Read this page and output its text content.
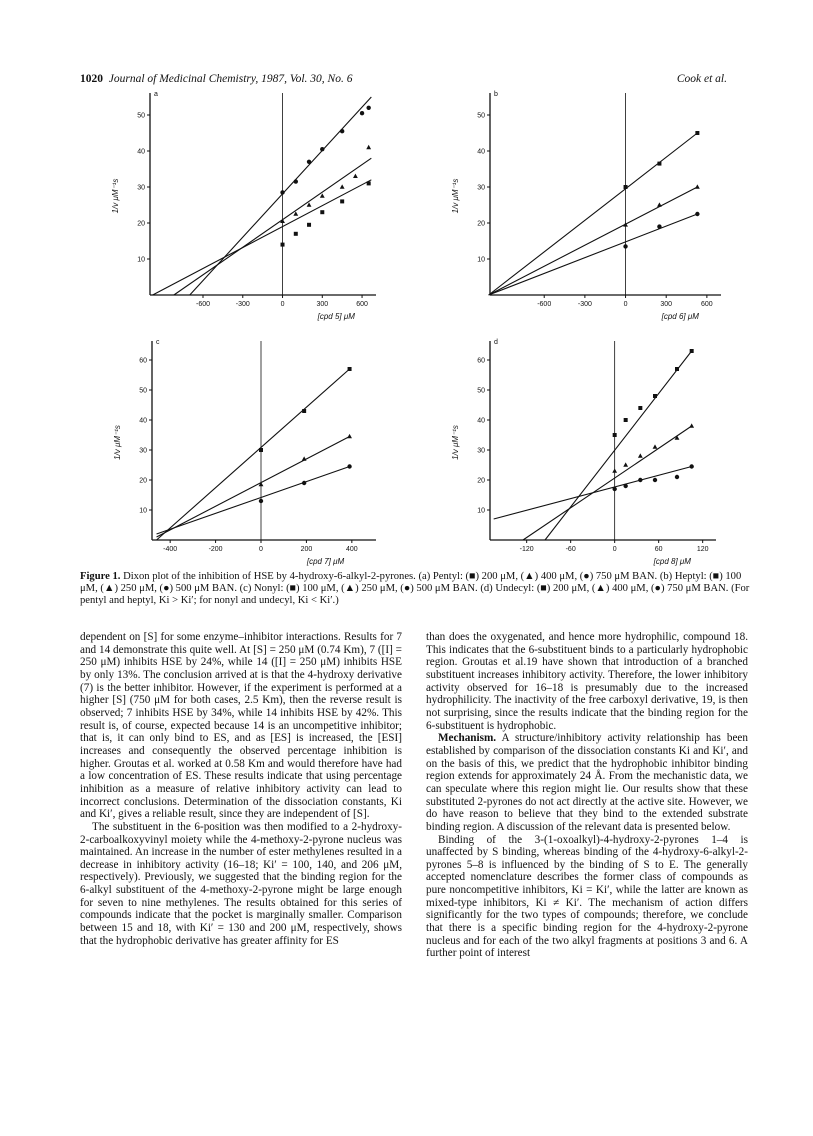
1020 Journal of Medicinal Chemistry, 1987, Vol. 30, No. 6	Cook et al.
a
10
20
30
40
50
-600	-300	0	300	600
1/v μM⁻¹s
[cpd 5] μM
b
10
20
30
40
50
-600	-300	0	300	600
1/v μM⁻¹s
[cpd 6] μM
c
10
20
30
40
50
60
-400	-200	0	200	400
1/v μM⁻¹s
[cpd 7] μM
d
10
20
30
40
50
60
-120	-60	0	60	120
1/v μM⁻¹s
[cpd 8] μM
Figure 1. Dixon plot of the inhibition of HSE by 4-hydroxy-6-alkyl-2-pyrones. (a) Pentyl: (■) 200 μM, (▲) 400 μM, (●) 750 μM BAN. (b) Heptyl: (■) 100 μM, (▲) 250 μM, (●) 500 μM BAN. (c) Nonyl: (■) 100 μM, (▲) 250 μM, (●) 500 μM BAN. (d) Undecyl: (■) 200 μM, (▲) 400 μM, (●) 750 μM BAN. (For pentyl and heptyl, Ki > Ki′; for nonyl and undecyl, Ki < Ki′.)

dependent on [S] for some enzyme–inhibitor interactions. Results for 7 and 14 demonstrate this quite well. At [S] = 250 μM (0.74 Km), 7 ([I] = 250 μM) inhibits HSE by 24%, while 14 ([I] = 250 μM) inhibits HSE by only 13%. The conclusion arrived at is that the 4-hydroxy derivative (7) is the better inhibitor. However, if the experiment is performed at a higher [S] (750 μM for both cases, 2.5 Km), then the reverse result is observed; 7 inhibits HSE by 34%, while 14 inhibits HSE by 42%. This result is, of course, expected because 14 is an uncompetitive inhibitor; that is, it can only bind to ES, and as [ES] is increased, the [ESI] increases and consequently the observed percentage inhibition is higher. Groutas et al. worked at 0.58 Km and would therefore have had a low concentration of ES. These results indicate that using percentage inhibition as a measure of relative inhibitory activity can lead to incorrect conclusions. Determination of the dissociation constants, Ki and Ki′, gives a reliable result, since they are independent of [S].

The substituent in the 6-position was then modified to a 2-hydroxy-2-carboalkoxyvinyl moiety while the 4-methoxy-2-pyrone nucleus was maintained. An increase in the number of ester methylenes resulted in a decrease in inhibitory activity (16–18; Ki′ = 100, 140, and 206 μM, respectively). Previously, we suggested that the binding region for the 6-alkyl substituent of the 4-methoxy-2-pyrone might be large enough for seven to nine methylenes. The results obtained for this series of compounds indicate that the pocket is marginally smaller. Comparison between 15 and 18, with Ki′ = 130 and 200 μM, respectively, shows that the hydrophobic derivative has greater affinity for ES

than does the oxygenated, and hence more hydrophilic, compound 18. This indicates that the 6-substituent binds to a particularly hydrophobic region. Groutas et al.19 have shown that introduction of a branched substituent increases inhibitory activity. Therefore, the lower inhibitory activity observed for 16–18 is presumably due to the increased hydrophilicity. The inactivity of the free carboxyl derivative, 19, is then not surprising, since the results indicate that the binding region for the 6-substituent is hydrophobic.

Mechanism. A structure/inhibitory activity relationship has been established by comparison of the dissociation constants Ki and Ki′, and on the basis of this, we predict that the hydrophobic inhibitor binding region extends for approximately 24 Å. From the mechanistic data, we can speculate where this region might lie. Our results show that these substituted 2-pyrones do not act directly at the active site. However, we do have reason to believe that they bind to the extended substrate binding region. A discussion of the relevant data is presented below.

Binding of the 3-(1-oxoalkyl)-4-hydroxy-2-pyrones 1–4 is unaffected by S binding, whereas binding of the 4-hydroxy-6-alkyl-2-pyrones 5–8 is influenced by the binding of S to E. The generally accepted nomenclature describes the former class of compounds as pure noncompetitive inhibitors, Ki = Ki′, while the latter are known as mixed-type inhibitors, Ki ≠ Ki′. The mechanism of action differs significantly for the two types of compounds; therefore, we conclude that there is a specific binding region for the 4-hydroxy-2-pyrone nucleus and for each of the two alkyl fragments at positions 3 and 6. A further point of interest
